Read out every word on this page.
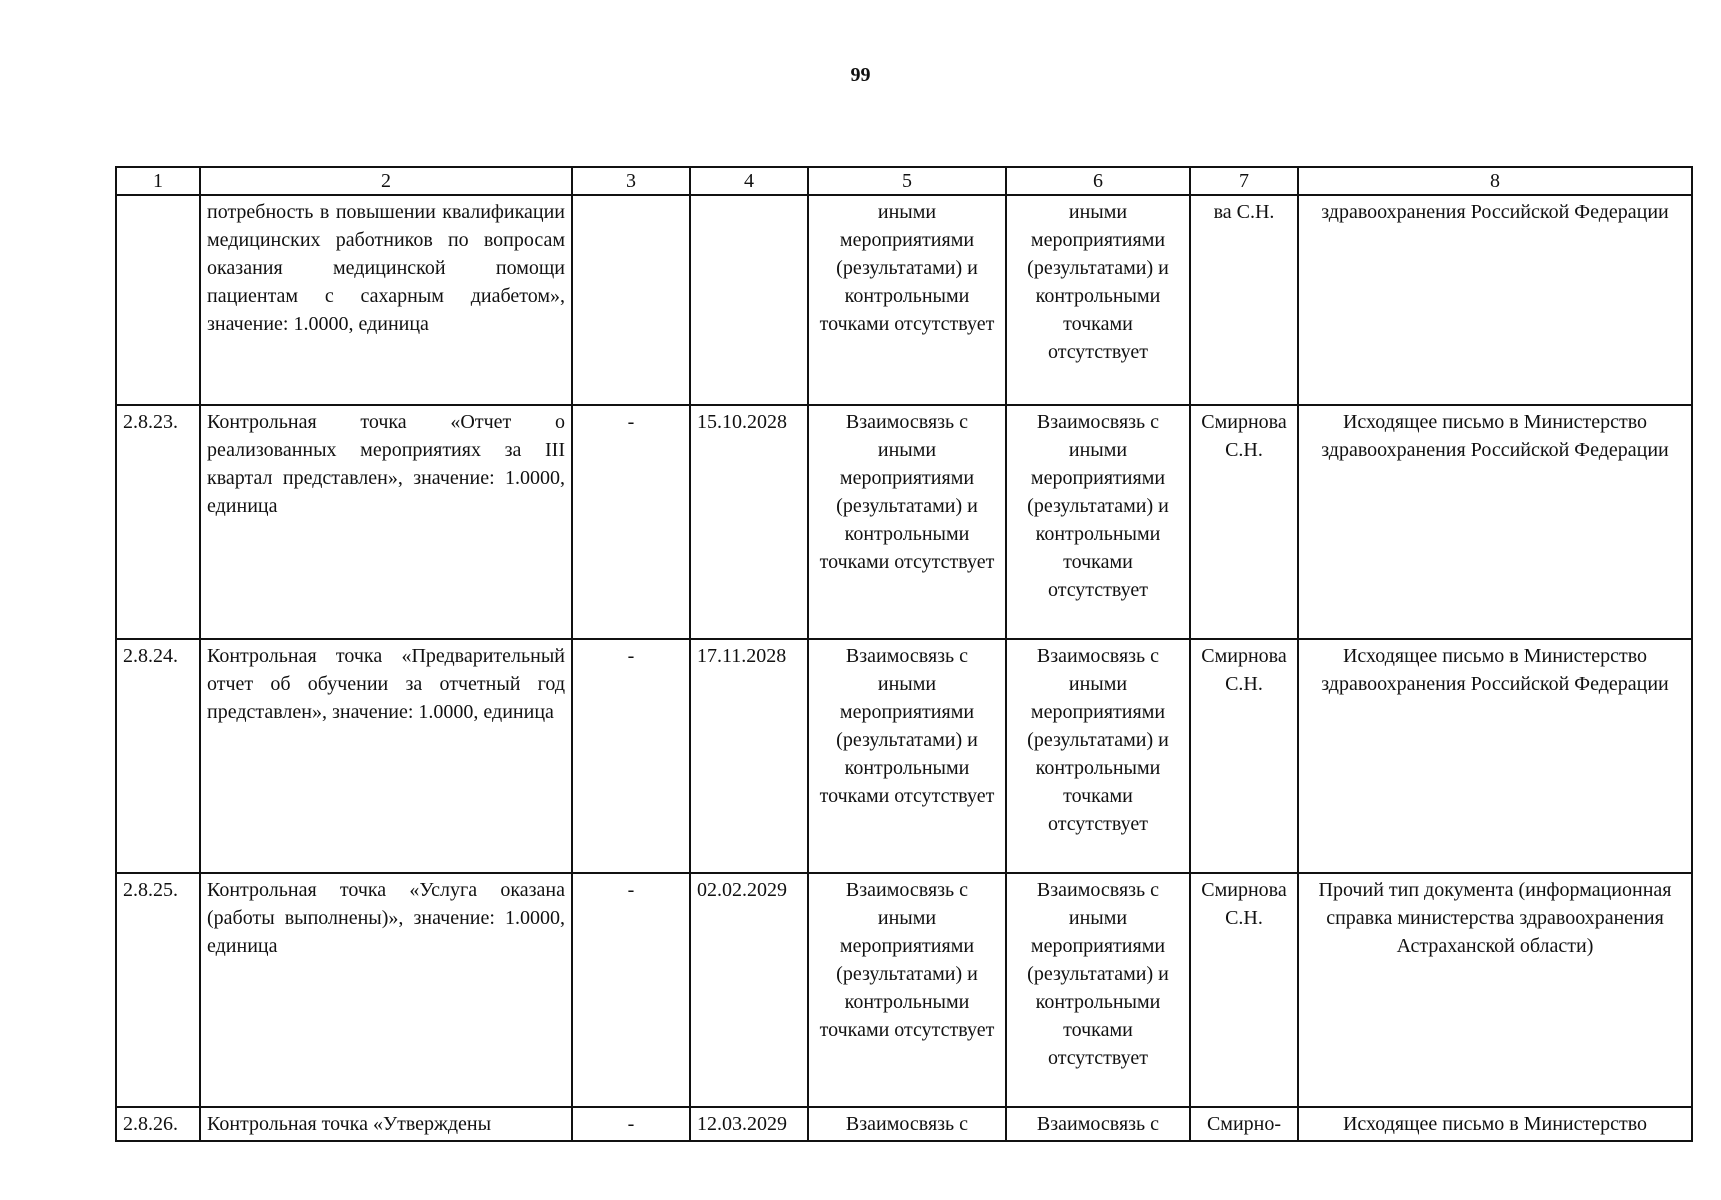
99
1	2	3	4	5	6	7	8
	потребность в повышении квалификации медицинских работников по вопросам оказания медицинской помощи пациентам с сахарным диабетом», значение: 1.0000, единица			иными мероприятиями (результатами) и контрольными точками отсутствует	иными мероприятиями (результатами) и контрольными точками отсутствует	ва С.Н.	здравоохранения Российской Федерации
2.8.23.	Контрольная точка «Отчет о реализованных мероприятиях за III квартал представлен», значение: 1.0000, единица	-	15.10.2028	Взаимосвязь с иными мероприятиями (результатами) и контрольными точками отсутствует	Взаимосвязь с иными мероприятиями (результатами) и контрольными точками отсутствует	Смирнова С.Н.	Исходящее письмо в Министерство здравоохранения Российской Федерации
2.8.24.	Контрольная точка «Предварительный отчет об обучении за отчетный год представлен», значение: 1.0000, единица	-	17.11.2028	Взаимосвязь с иными мероприятиями (результатами) и контрольными точками отсутствует	Взаимосвязь с иными мероприятиями (результатами) и контрольными точками отсутствует	Смирнова С.Н.	Исходящее письмо в Министерство здравоохранения Российской Федерации
2.8.25.	Контрольная точка «Услуга оказана (работы выполнены)», значение: 1.0000, единица	-	02.02.2029	Взаимосвязь с иными мероприятиями (результатами) и контрольными точками отсутствует	Взаимосвязь с иными мероприятиями (результатами) и контрольными точками отсутствует	Смирнова С.Н.	Прочий тип документа (информационная справка министерства здравоохранения Астраханской области)
2.8.26.	Контрольная точка «Утверждены	-	12.03.2029	Взаимосвязь с	Взаимосвязь с	Смирно-	Исходящее письмо в Министерство
